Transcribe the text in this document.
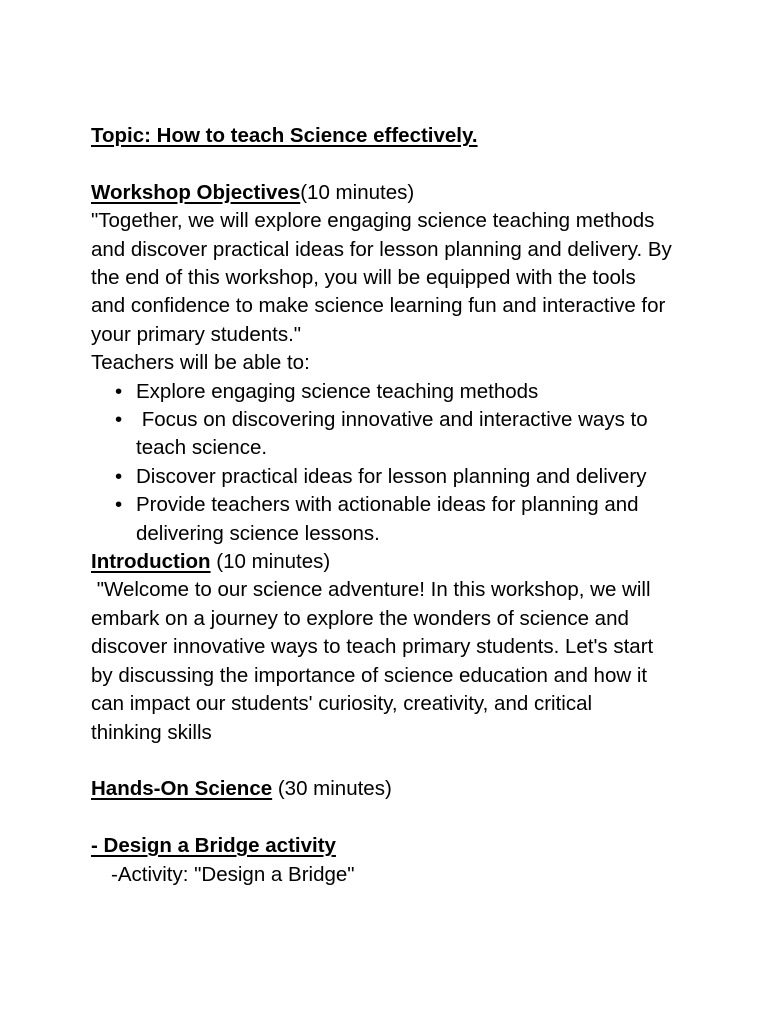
Topic: How to teach Science effectively.

Workshop Objectives(10 minutes)

"Together, we will explore engaging science teaching methods

and discover practical ideas for lesson planning and delivery. By

the end of this workshop, you will be equipped with the tools

and confidence to make science learning fun and interactive for

your primary students."

Teachers will be able to:

• Explore engaging science teaching methods

• Focus on discovering innovative and interactive ways to

teach science.

• Discover practical ideas for lesson planning and delivery

• Provide teachers with actionable ideas for planning and

delivering science lessons.

Introduction (10 minutes)

"Welcome to our science adventure! In this workshop, we will

embark on a journey to explore the wonders of science and

discover innovative ways to teach primary students. Let's start

by discussing the importance of science education and how it

can impact our students' curiosity, creativity, and critical

thinking skills

Hands-On Science (30 minutes)

- Design a Bridge activity

-Activity: "Design a Bridge"
